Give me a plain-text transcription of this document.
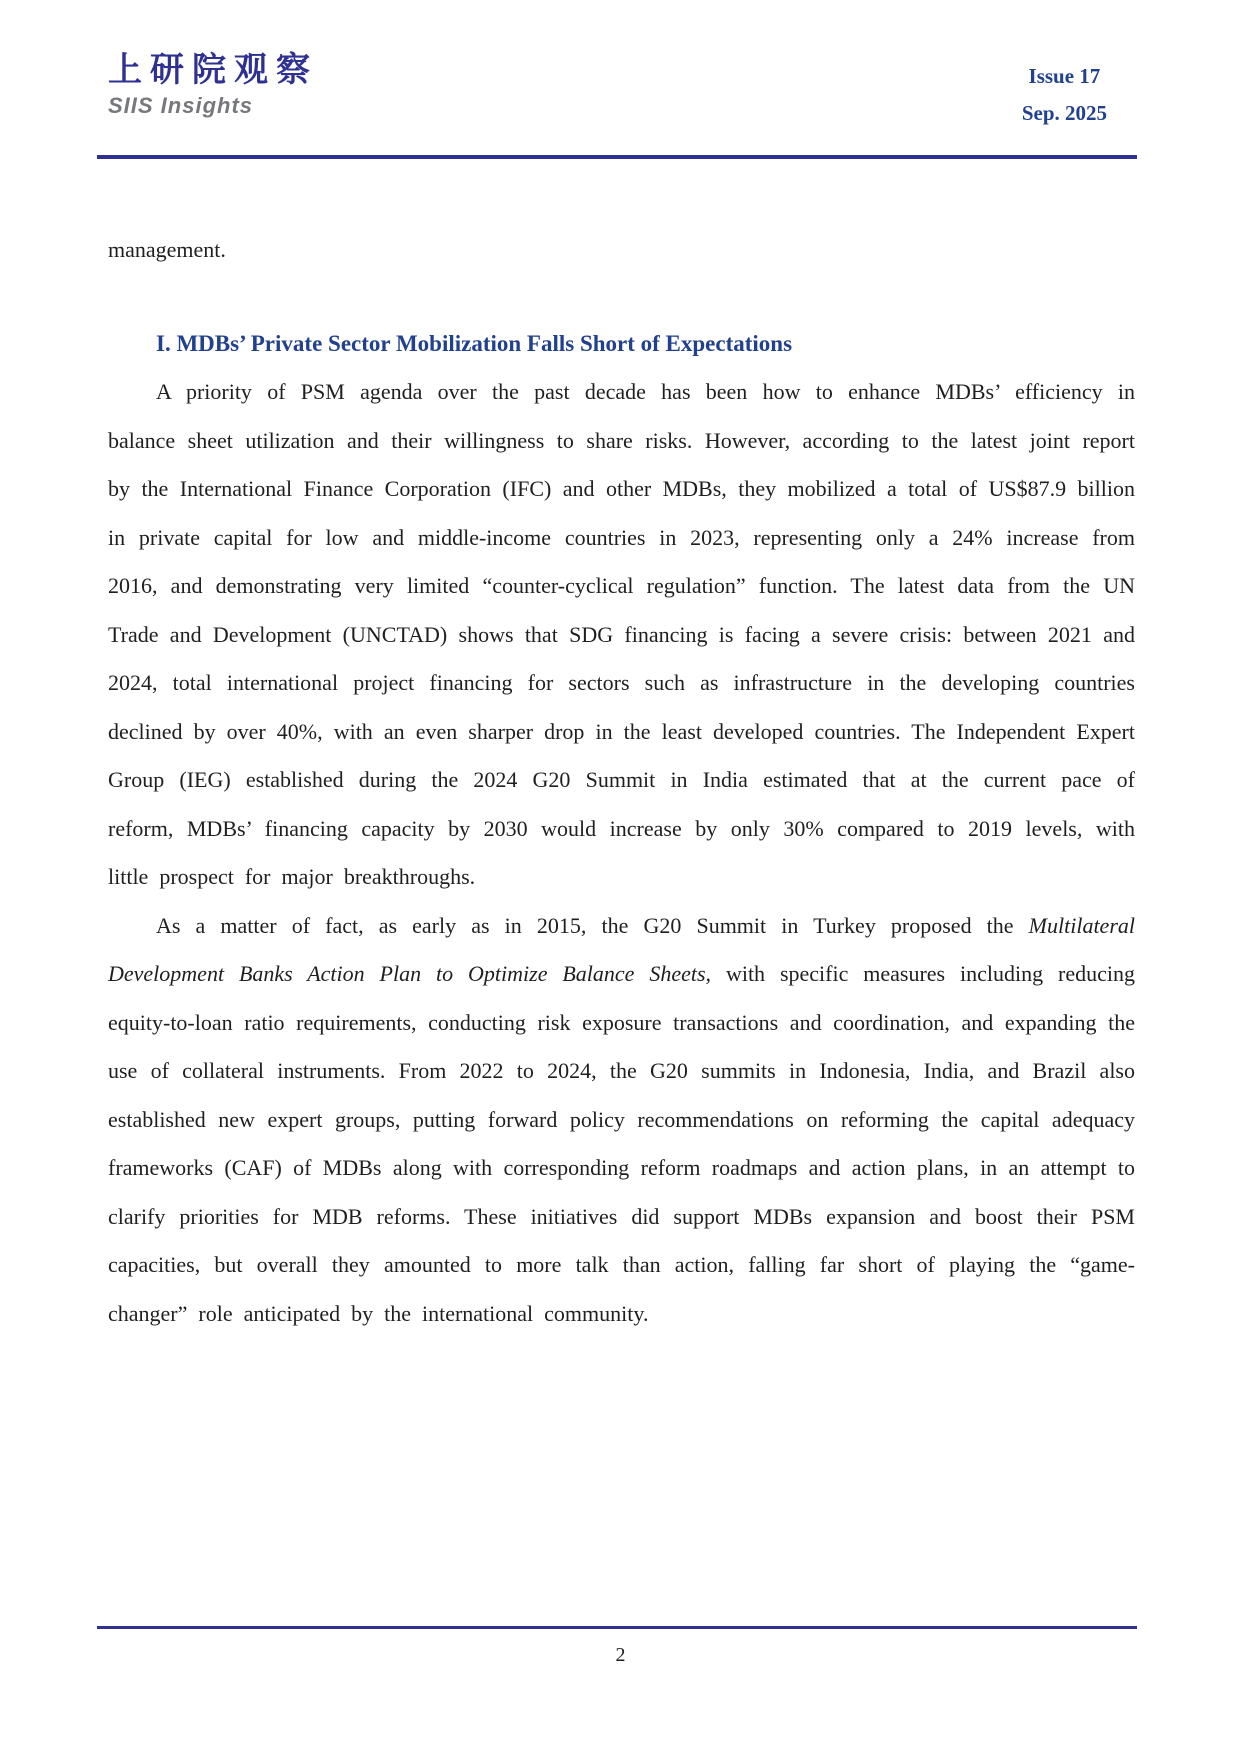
上研院观察
SIIS Insights
Issue 17
Sep. 2025

management.

I. MDBs’ Private Sector Mobilization Falls Short of Expectations

A priority of PSM agenda over the past decade has been how to enhance MDBs’ efficiency in balance sheet utilization and their willingness to share risks. However, according to the latest joint report by the International Finance Corporation (IFC) and other MDBs, they mobilized a total of US$87.9 billion in private capital for low and middle-income countries in 2023, representing only a 24% increase from 2016, and demonstrating very limited “counter-cyclical regulation” function. The latest data from the UN Trade and Development (UNCTAD) shows that SDG financing is facing a severe crisis: between 2021 and 2024, total international project financing for sectors such as infrastructure in the developing countries declined by over 40%, with an even sharper drop in the least developed countries. The Independent Expert Group (IEG) established during the 2024 G20 Summit in India estimated that at the current pace of reform, MDBs’ financing capacity by 2030 would increase by only 30% compared to 2019 levels, with little prospect for major breakthroughs.

As a matter of fact, as early as in 2015, the G20 Summit in Turkey proposed the Multilateral Development Banks Action Plan to Optimize Balance Sheets, with specific measures including reducing equity-to-loan ratio requirements, conducting risk exposure transactions and coordination, and expanding the use of collateral instruments. From 2022 to 2024, the G20 summits in Indonesia, India, and Brazil also established new expert groups, putting forward policy recommendations on reforming the capital adequacy frameworks (CAF) of MDBs along with corresponding reform roadmaps and action plans, in an attempt to clarify priorities for MDB reforms. These initiatives did support MDBs expansion and boost their PSM capacities, but overall they amounted to more talk than action, falling far short of playing the “game-changer” role anticipated by the international community.

2
